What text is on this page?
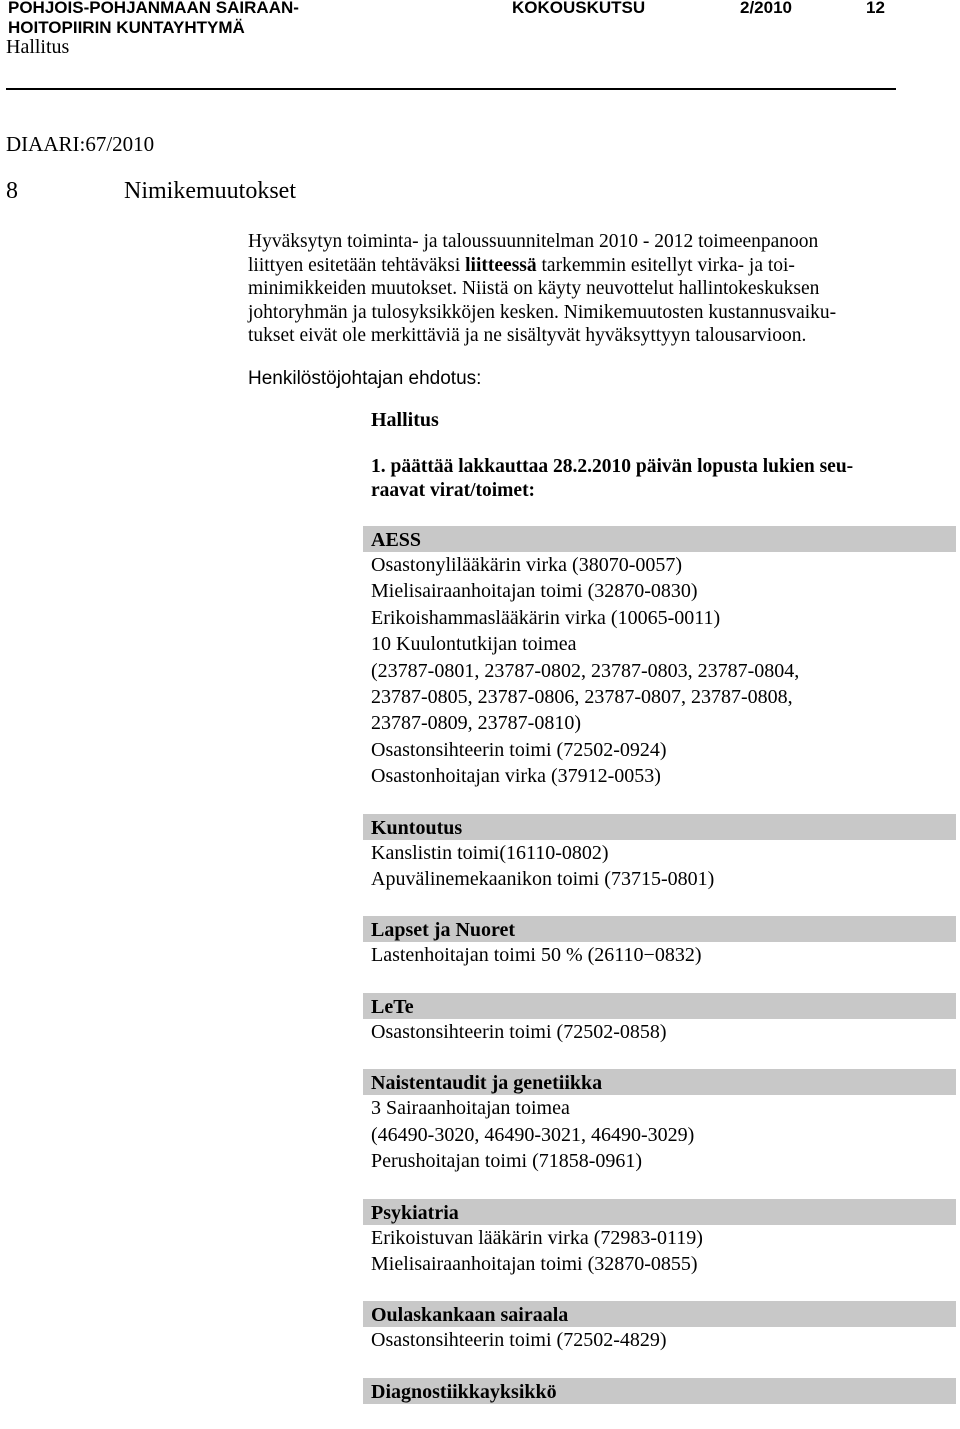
POHJOIS-POHJANMAAN SAIRAAN-
HOITOPIIRIN KUNTAYHTYMÄ
KOKOUSKUTSU	2/2010	12
Hallitus
DIAARI:67/2010
8	Nimikemuutokset

Hyväksytyn toiminta- ja taloussuunnitelman 2010 - 2012 toimeenpanoon

liittyen esitetään tehtäväksi liitteessä tarkemmin esitellyt virka- ja toi-

minimikkeiden muutokset. Niistä on käyty neuvottelut hallintokeskuksen

johtoryhmän ja tulosyksikköjen kesken. Nimikemuutosten kustannusvaiku-

tukset eivät ole merkittäviä ja ne sisältyvät hyväksyttyyn talousarvioon.

Henkilöstöjohtajan ehdotus:
Hallitus
1. päättää lakkauttaa 28.2.2010 päivän lopusta lukien seu-
raavat virat/toimet:
AESS
Osastonylilääkärin virka (38070-0057)
Mielisairaanhoitajan toimi (32870-0830)
Erikoishammaslääkärin virka (10065-0011)
10 Kuulontutkijan toimea
(23787-0801, 23787-0802, 23787-0803, 23787-0804,
23787-0805, 23787-0806, 23787-0807, 23787-0808,
23787-0809, 23787-0810)
Osastonsihteerin toimi (72502-0924)
Osastonhoitajan virka (37912-0053)
Kuntoutus
Kanslistin toimi(16110-0802)
Apuvälinemekaanikon toimi (73715-0801)
Lapset ja Nuoret
Lastenhoitajan toimi 50 % (26110−0832)
LeTe
Osastonsihteerin toimi (72502-0858)
Naistentaudit ja genetiikka
3 Sairaanhoitajan toimea
(46490-3020, 46490-3021, 46490-3029)
Perushoitajan toimi (71858-0961)
Psykiatria
Erikoistuvan lääkärin virka (72983-0119)
Mielisairaanhoitajan toimi (32870-0855)
Oulaskankaan sairaala
Osastonsihteerin toimi (72502-4829)
Diagnostiikkayksikkö
